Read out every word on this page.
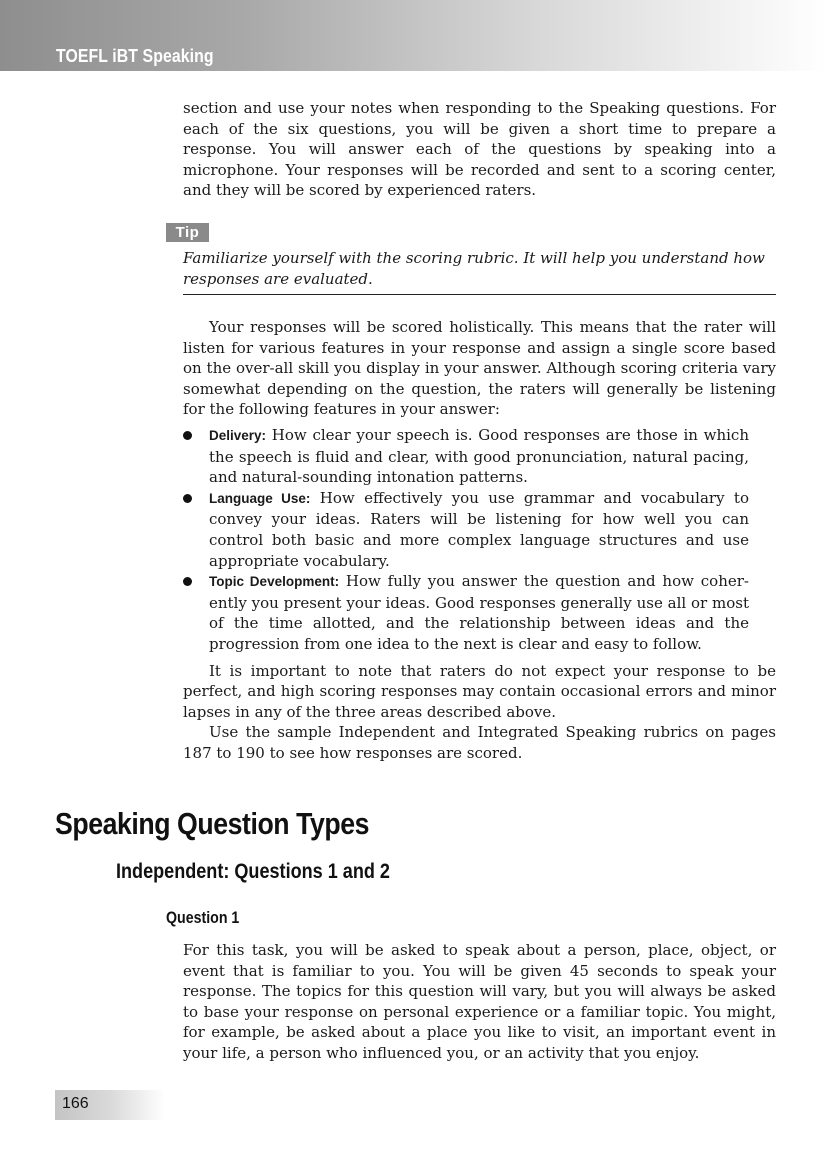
TOEFL iBT Speaking

section and use your notes when responding to the Speaking questions. For each of the six questions, you will be given a short time to prepare a response. You will answer each of the questions by speaking into a microphone. Your responses will be recorded and sent to a scoring center, and they will be scored by experienced raters.

Tip

Familiarize yourself with the scoring rubric. It will help you understand how responses are evaluated.

Your responses will be scored holistically. This means that the rater will listen for various features in your response and assign a single score based on the over-all skill you display in your answer. Although scoring criteria vary somewhat depending on the question, the raters will generally be listening for the following features in your answer:

Delivery: How clear your speech is. Good responses are those in which the speech is fluid and clear, with good pronunciation, natural pacing, and natural-sounding intonation patterns.
Language Use: How effectively you use grammar and vocabulary to convey your ideas. Raters will be listening for how well you can control both basic and more complex language structures and use appropriate vocabulary.
Topic Development: How fully you answer the question and how coher-ently you present your ideas. Good responses generally use all or most of the time allotted, and the relationship between ideas and the progression from one idea to the next is clear and easy to follow.

It is important to note that raters do not expect your response to be perfect, and high scoring responses may contain occasional errors and minor lapses in any of the three areas described above.

Use the sample Independent and Integrated Speaking rubrics on pages 187 to 190 to see how responses are scored.

Speaking Question Types
Independent: Questions 1 and 2
Question 1

For this task, you will be asked to speak about a person, place, object, or event that is familiar to you. You will be given 45 seconds to speak your response. The topics for this question will vary, but you will always be asked to base your response on personal experience or a familiar topic. You might, for example, be asked about a place you like to visit, an important event in your life, a person who influenced you, or an activity that you enjoy.

166
